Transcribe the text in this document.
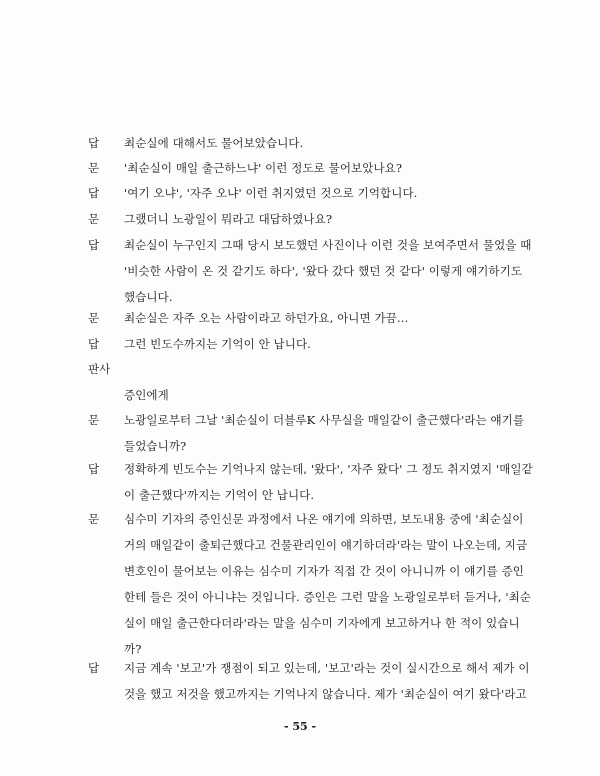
답 최순실에 대해서도 물어보았습니다.
문 '최순실이 매일 출근하느냐' 이런 정도로 물어보았나요?
답 '여기 오냐', '자주 오냐' 이런 취지였던 것으로 기억합니다.
문 그랬더니 노광일이 뭐라고 대답하였나요?
답 최순실이 누구인지 그때 당시 보도했던 사진이나 이런 것을 보여주면서 물었을 때
'비슷한 사람이 온 것 같기도 하다', '왔다 갔다 했던 것 같다' 이렇게 얘기하기도
했습니다.
문 최순실은 자주 오는 사람이라고 하던가요, 아니면 가끔…
답 그런 빈도수까지는 기억이 안 납니다.
판사
증인에게
문 노광일로부터 그날 '최순실이 더블루K 사무실을 매일같이 출근했다'라는 얘기를
들었습니까?
답 정확하게 빈도수는 기억나지 않는데, '왔다', '자주 왔다' 그 정도 취지였지 '매일같
이 출근했다'까지는 기억이 안 납니다.
문 심수미 기자의 증인신문 과정에서 나온 얘기에 의하면, 보도내용 중에 '최순실이
거의 매일같이 출퇴근했다고 건물관리인이 얘기하더라'라는 말이 나오는데, 지금
변호인이 물어보는 이유는 심수미 기자가 직접 간 것이 아니니까 이 얘기를 증인
한테 들은 것이 아니냐는 것입니다. 증인은 그런 말을 노광일로부터 듣거나, '최순
실이 매일 출근한다더라'라는 말을 심수미 기자에게 보고하거나 한 적이 있습니
까?
답 지금 계속 '보고'가 쟁점이 되고 있는데, '보고'라는 것이 실시간으로 해서 제가 이
것을 했고 저것을 했고까지는 기억나지 않습니다. 제가 '최순실이 여기 왔다'라고
- 55 -
